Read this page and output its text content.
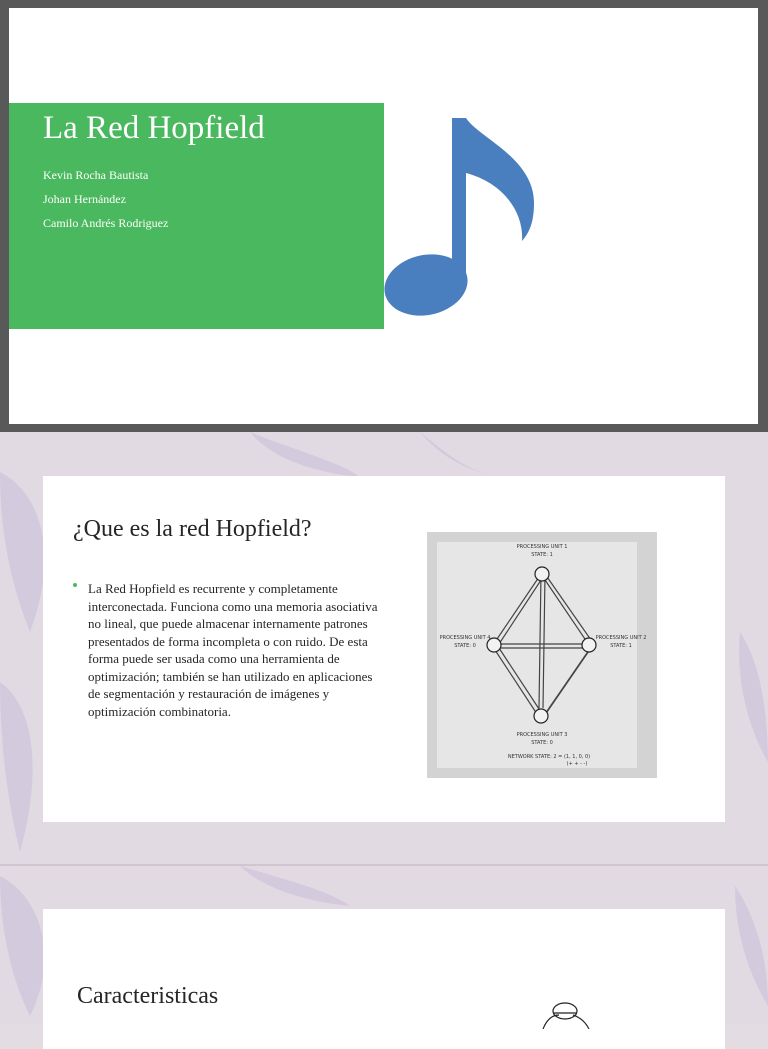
La Red Hopfield

Kevin Rocha Bautista

Johan Hernández

Camilo Andrés Rodriguez

¿Que es la red Hopfield?

La Red Hopfield es recurrente y completamente interconectada. Funciona como una memoria asociativa no lineal, que puede almacenar internamente patrones presentados de forma incompleta o con ruido. De esta forma puede ser usada como una herramienta de optimización; también se han utilizado en aplicaciones de segmentación y restauración de imágenes y optimización combinatoria.

PROCESSING UNIT 1
STATE: 1
PROCESSING UNIT 2
STATE: 1
PROCESSING UNIT 3
STATE: 0
PROCESSING UNIT 4
STATE: 0
NETWORK STATE: 2 = (1, 1, 0, 0)
(+ + - -)
Caracteristicas
